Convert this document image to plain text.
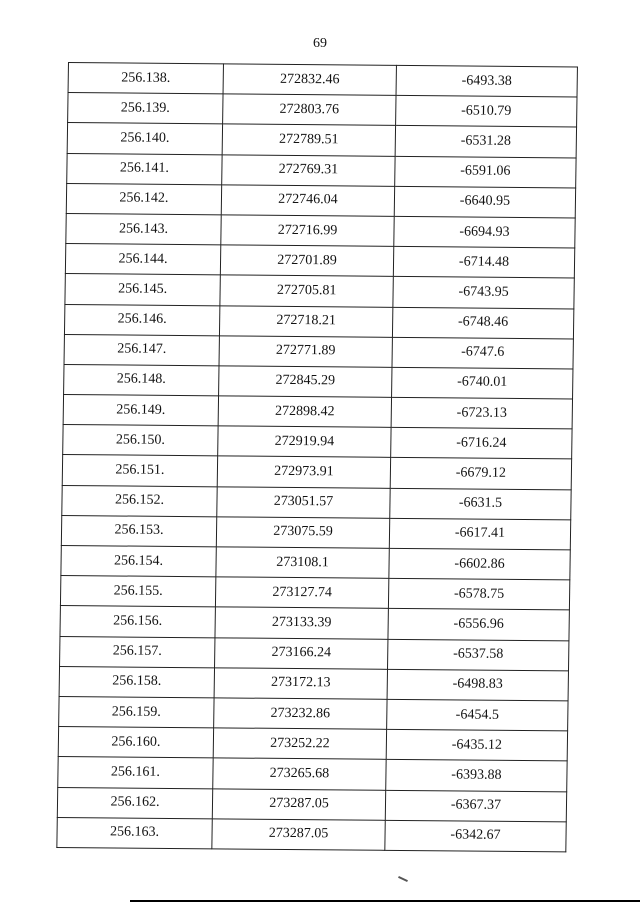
69
256.138.	272832.46	-6493.38
256.139.	272803.76	-6510.79
256.140.	272789.51	-6531.28
256.141.	272769.31	-6591.06
256.142.	272746.04	-6640.95
256.143.	272716.99	-6694.93
256.144.	272701.89	-6714.48
256.145.	272705.81	-6743.95
256.146.	272718.21	-6748.46
256.147.	272771.89	-6747.6
256.148.	272845.29	-6740.01
256.149.	272898.42	-6723.13
256.150.	272919.94	-6716.24
256.151.	272973.91	-6679.12
256.152.	273051.57	-6631.5
256.153.	273075.59	-6617.41
256.154.	273108.1	-6602.86
256.155.	273127.74	-6578.75
256.156.	273133.39	-6556.96
256.157.	273166.24	-6537.58
256.158.	273172.13	-6498.83
256.159.	273232.86	-6454.5
256.160.	273252.22	-6435.12
256.161.	273265.68	-6393.88
256.162.	273287.05	-6367.37
256.163.	273287.05	-6342.67
